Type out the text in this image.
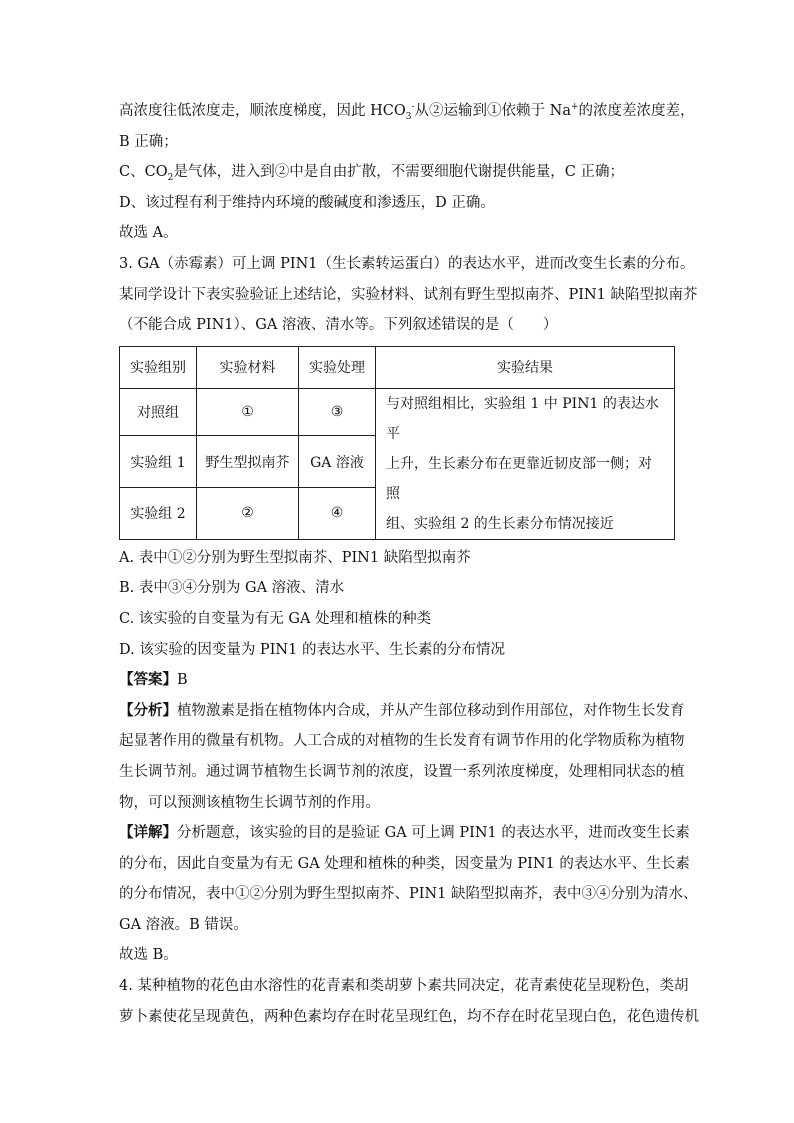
高浓度往低浓度走，顺浓度梯度，因此 $HCO_3^-$从②运输到①依赖于 Na+的浓度差浓度差，
B 正确；
C、$CO_2$是气体，进入到②中是自由扩散，不需要细胞代谢提供能量，C 正确；
D、该过程有利于维持内环境的酸碱度和渗透压，D 正确。
故选 A。
3. GA（赤霉素）可上调 PIN1（生长素转运蛋白）的表达水平，进而改变生长素的分布。
某同学设计下表实验验证上述结论，实验材料、试剂有野生型拟南芥、PIN1 缺陷型拟南芥
（不能合成 PIN1）、GA 溶液、清水等。下列叙述错误的是（　　）
实验组别	实验材料	实验处理	实验结果
对照组	①	③	与对照组相比，实验组 1 中 PIN1 的表达水平
上升，生长素分布在更靠近韧皮部一侧；对照
组、实验组 2 的生长素分布情况接近

实验组 1	野生型拟南芥	GA 溶液	
实验组 2	②	④	
A. 表中①②分别为野生型拟南芥、PIN1 缺陷型拟南芥
B. 表中③④分别为 GA 溶液、清水
C. 该实验的自变量为有无 GA 处理和植株的种类
D. 该实验的因变量为 PIN1 的表达水平、生长素的分布情况
【答案】B
【分析】植物激素是指在植物体内合成，并从产生部位移动到作用部位，对作物生长发育
起显著作用的微量有机物。人工合成的对植物的生长发育有调节作用的化学物质称为植物
生长调节剂。通过调节植物生长调节剂的浓度，设置一系列浓度梯度，处理相同状态的植
物，可以预测该植物生长调节剂的作用。
【详解】分析题意，该实验的目的是验证 GA 可上调 PIN1 的表达水平，进而改变生长素
的分布，因此自变量为有无 GA 处理和植株的种类，因变量为 PIN1 的表达水平、生长素
的分布情况，表中①②分别为野生型拟南芥、PIN1 缺陷型拟南芥，表中③④分别为清水、
GA 溶液。B 错误。
故选 B。
4. 某种植物的花色由水溶性的花青素和类胡萝卜素共同决定，花青素使花呈现粉色，类胡
萝卜素使花呈现黄色，两种色素均存在时花呈现红色，均不存在时花呈现白色，花色遗传机
